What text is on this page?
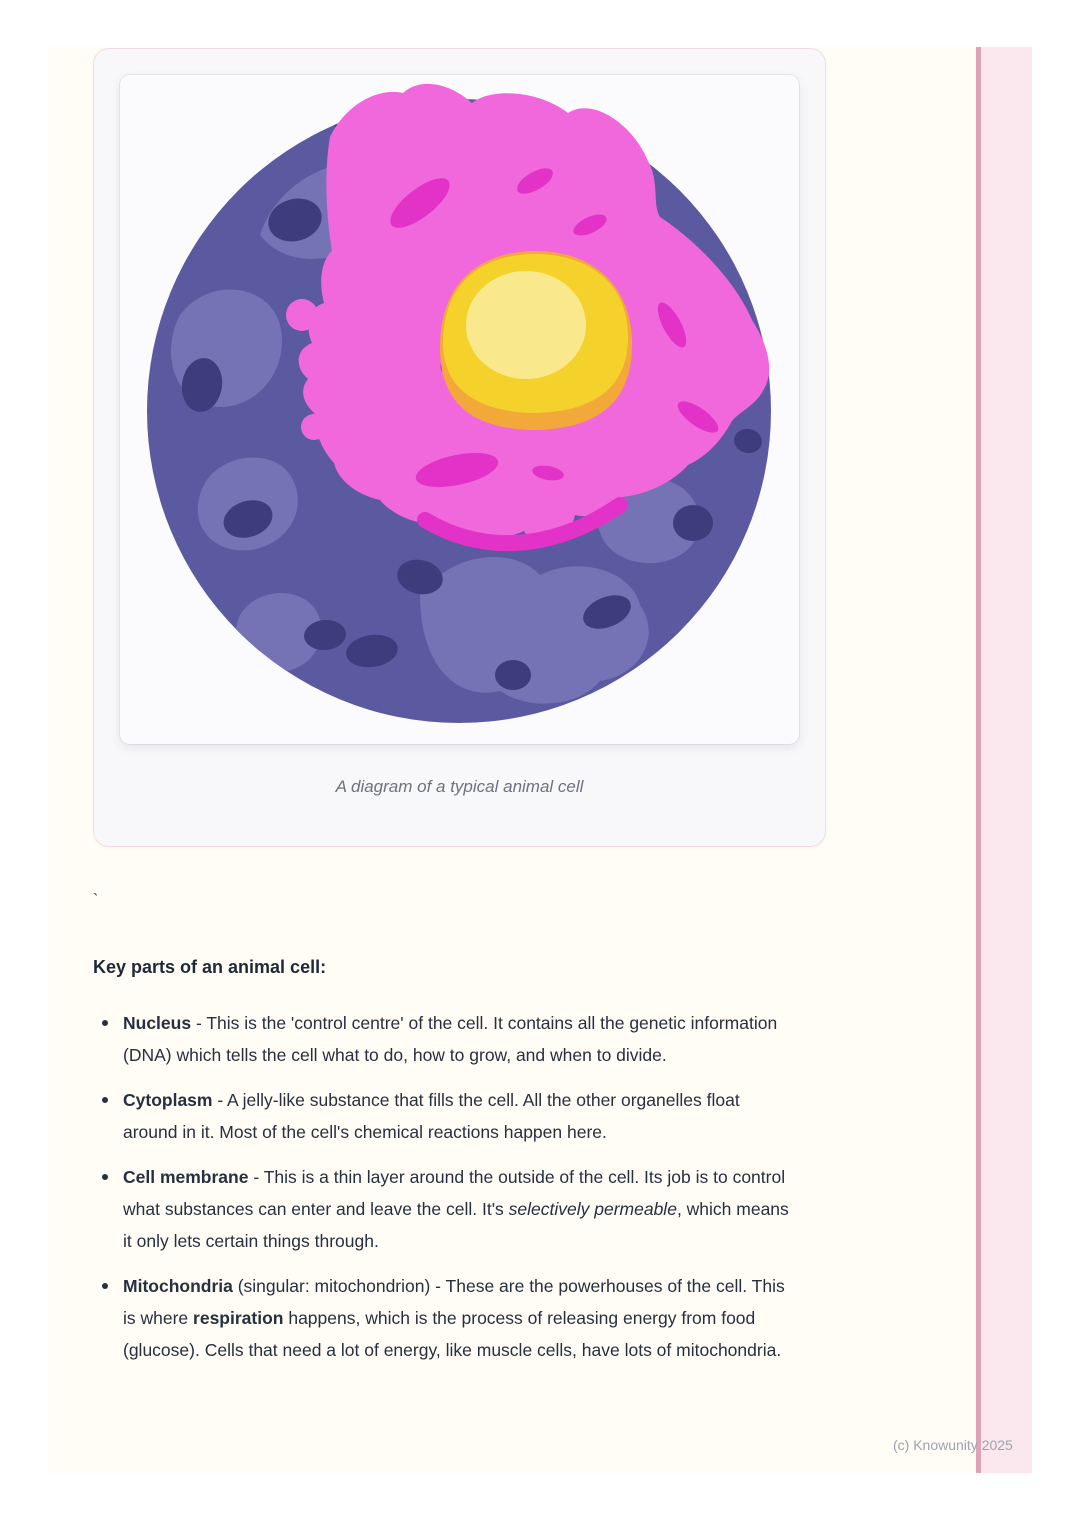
A diagram of a typical animal cell
`
Key parts of an animal cell:
Nucleus - This is the 'control centre' of the cell. It contains all the genetic information (DNA) which tells the cell what to do, how to grow, and when to divide.
Cytoplasm - A jelly-like substance that fills the cell. All the other organelles float around in it. Most of the cell's chemical reactions happen here.
Cell membrane - This is a thin layer around the outside of the cell. Its job is to control what substances can enter and leave the cell. It's selectively permeable, which means it only lets certain things through.
Mitochondria (singular: mitochondrion) - These are the powerhouses of the cell. This is where respiration happens, which is the process of releasing energy from food (glucose). Cells that need a lot of energy, like muscle cells, have lots of mitochondria.
(c) Knowunity 2025
